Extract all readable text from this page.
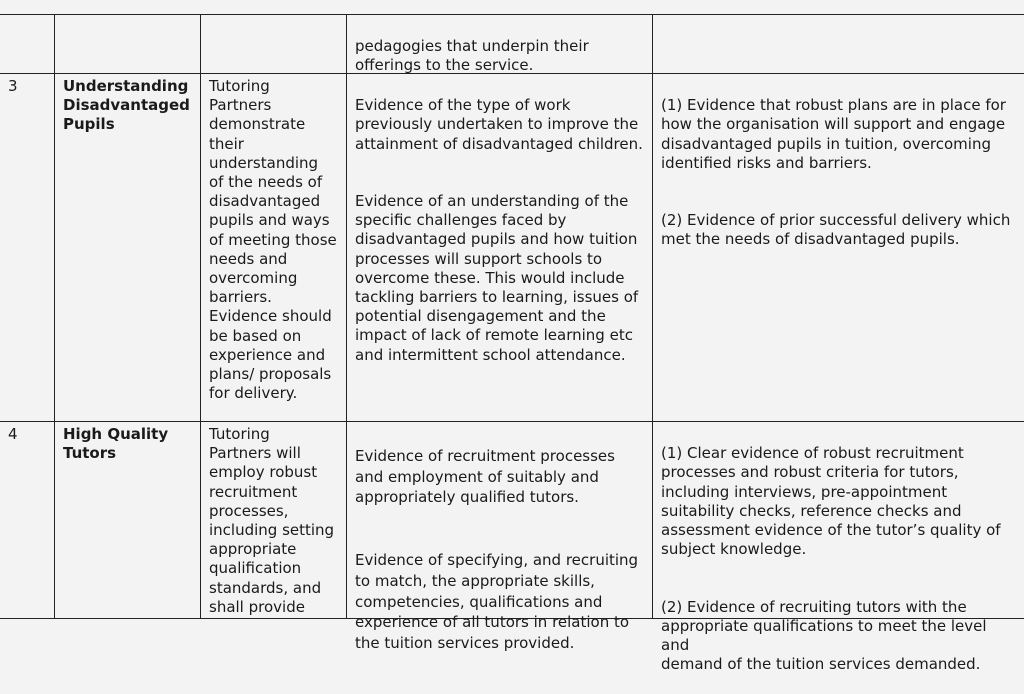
pedagogies that underpin their
offerings to the service.

3	Understanding
Disadvantaged
Pupils
Tutoring
Partners
demonstrate
their
understanding
of the needs of
disadvantaged
pupils and ways
of meeting those
needs and
overcoming
barriers.
Evidence should
be based on
experience and
plans/ proposals
for delivery.

Evidence of the type of work
previously undertaken to improve the
attainment of disadvantaged children.

Evidence of an understanding of the
specific challenges faced by
disadvantaged pupils and how tuition
processes will support schools to
overcome these. This would include
tackling barriers to learning, issues of
potential disengagement and the
impact of lack of remote learning etc
and intermittent school attendance.

(1) Evidence that robust plans are in place for
how the organisation will support and engage
disadvantaged pupils in tuition, overcoming
identified risks and barriers.

(2) Evidence of prior successful delivery which
met the needs of disadvantaged pupils.

4	High Quality
Tutors
Tutoring
Partners will
employ robust
recruitment
processes,
including setting
appropriate
qualification
standards, and
shall provide

Evidence of recruitment processes
and employment of suitably and
appropriately qualified tutors.

Evidence of specifying, and recruiting
to match, the appropriate skills,
competencies, qualifications and
experience of all tutors in relation to
the tuition services provided.

(1) Clear evidence of robust recruitment
processes and robust criteria for tutors,
including interviews, pre-appointment
suitability checks, reference checks and
assessment evidence of the tutor’s quality of
subject knowledge.

(2) Evidence of recruiting tutors with the
appropriate qualifications to meet the level and
demand of the tuition services demanded.
